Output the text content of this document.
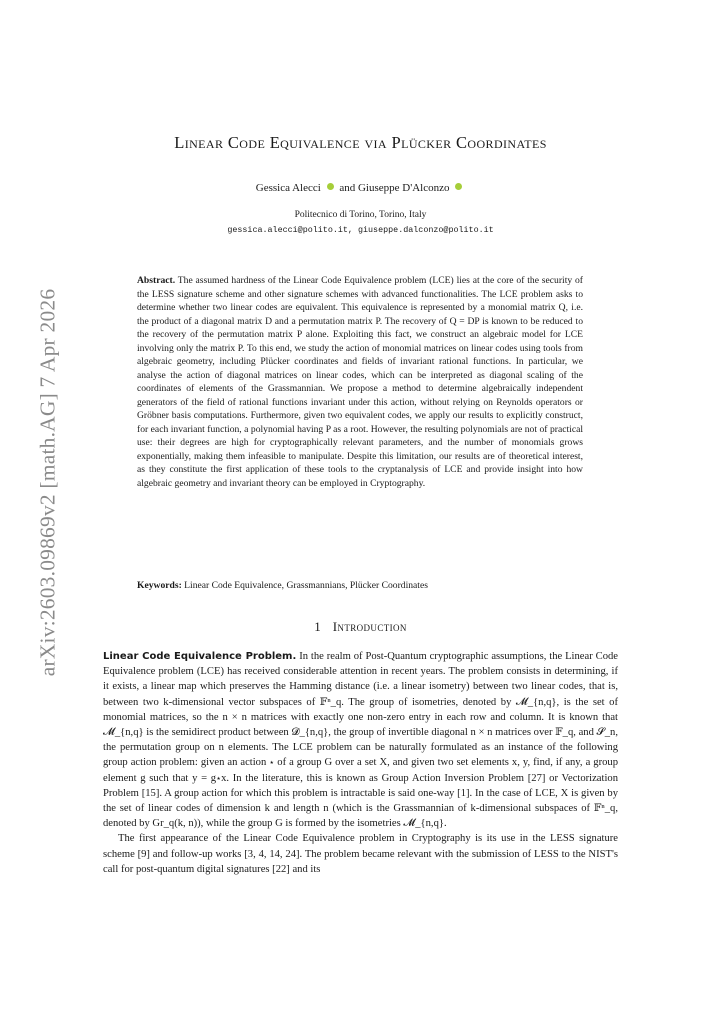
arXiv:2603.09869v2 [math.AG] 7 Apr 2026
Linear Code Equivalence via Plücker Coordinates
Gessica Alecci and Giuseppe D'Alconzo
Politecnico di Torino, Torino, Italy
gessica.alecci@polito.it, giuseppe.dalconzo@polito.it

Abstract. The assumed hardness of the Linear Code Equivalence problem (LCE) lies at the core of the security of the LESS signature scheme and other signature schemes with advanced functionalities. The LCE problem asks to determine whether two linear codes are equivalent. This equivalence is represented by a monomial matrix Q, i.e. the product of a diagonal matrix D and a permutation matrix P. The recovery of Q = DP is known to be reduced to the recovery of the permutation matrix P alone. Exploiting this fact, we construct an algebraic model for LCE involving only the matrix P. To this end, we study the action of monomial matrices on linear codes using tools from algebraic geometry, including Plücker coordinates and fields of invariant rational functions. In particular, we analyse the action of diagonal matrices on linear codes, which can be interpreted as diagonal scaling of the coordinates of elements of the Grassmannian. We propose a method to determine algebraically independent generators of the field of rational functions invariant under this action, without relying on Reynolds operators or Gröbner basis computations. Furthermore, given two equivalent codes, we apply our results to explicitly construct, for each invariant function, a polynomial having P as a root. However, the resulting polynomials are not of practical use: their degrees are high for cryptographically relevant parameters, and the number of monomials grows exponentially, making them infeasible to manipulate. Despite this limitation, our results are of theoretical interest, as they constitute the first application of these tools to the cryptanalysis of LCE and provide insight into how algebraic geometry and invariant theory can be employed in Cryptography.

Keywords: Linear Code Equivalence, Grassmannians, Plücker Coordinates

1 Introduction

Linear Code Equivalence Problem. In the realm of Post-Quantum cryptographic assumptions, the Linear Code Equivalence problem (LCE) has received considerable attention in recent years. The problem consists in determining, if it exists, a linear map which preserves the Hamming distance (i.e. a linear isometry) between two linear codes, that is, between two k-dimensional vector subspaces of 𝔽ⁿ_q. The group of isometries, denoted by 𝓜_{n,q}, is the set of monomial matrices, so the n × n matrices with exactly one non-zero entry in each row and column. It is known that 𝓜_{n,q} is the semidirect product between 𝓓_{n,q}, the group of invertible diagonal n × n matrices over 𝔽_q, and 𝓢_n, the permutation group on n elements. The LCE problem can be naturally formulated as an instance of the following group action problem: given an action ⋆ of a group G over a set X, and given two set elements x, y, find, if any, a group element g such that y = g⋆x. In the literature, this is known as Group Action Inversion Problem [27] or Vectorization Problem [15]. A group action for which this problem is intractable is said one-way [1]. In the case of LCE, X is given by the set of linear codes of dimension k and length n (which is the Grassmannian of k-dimensional subspaces of 𝔽ⁿ_q, denoted by Gr_q(k, n)), while the group G is formed by the isometries 𝓜_{n,q}.

The first appearance of the Linear Code Equivalence problem in Cryptography is its use in the LESS signature scheme [9] and follow-up works [3, 4, 14, 24]. The problem became relevant with the submission of LESS to the NIST's call for post-quantum digital signatures [22] and its
